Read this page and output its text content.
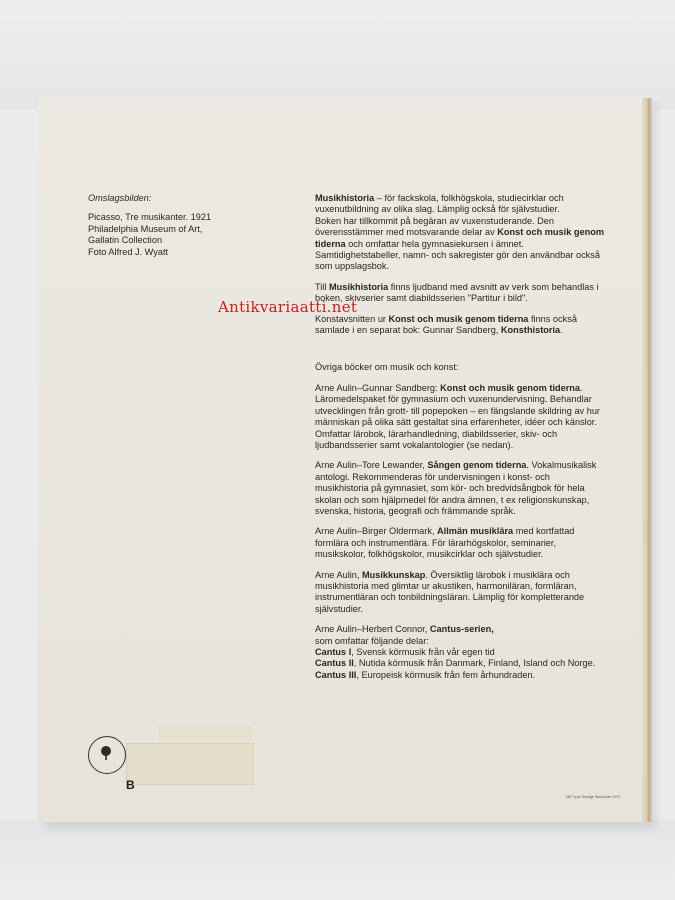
Omslagsbilden:
Picasso, Tre musikanter. 1921
Philadelphia Museum of Art,
Gallatin Collection
Foto Alfred J. Wyatt

Musikhistoria – för fackskola, folkhögskola, studiecirklar och vuxenutbildning av olika slag. Lämplig också för självstudier.
Boken har tillkommit på begäran av vuxenstuderande. Den överensstämmer med motsvarande delar av Konst och musik genom tiderna och omfattar hela gymnasiekursen i ämnet. Samtidighetstabeller, namn- och sakregister gör den användbar också som uppslagsbok.

Till Musikhistoria finns ljudband med avsnitt av verk som behandlas i boken, skivserier samt diabildsserien "Partitur i bild".

Konstavsnitten ur Konst och musik genom tiderna finns också samlade i en separat bok: Gunnar Sandberg, Konsthistoria.

Övriga böcker om musik och konst:

Arne Aulin–Gunnar Sandberg: Konst och musik genom tiderna. Läromedelspaket för gymnasium och vuxenundervisning. Behandlar utvecklingen från grott- till popepoken – en fängslande skildring av hur människan på olika sätt gestaltat sina erfarenheter, idéer och känslor. Omfattar lärobok, lärarhandledning, diabildsserier, skiv- och ljudbandsserier samt vokalantologier (se nedan).

Arne Aulin–Tore Lewander, Sången genom tiderna. Vokalmusikalisk antologi. Rekommenderas för undervisningen i konst- och musikhistoria på gymnasiet, som kör- och bredvidsångbok för hela skolan och som hjälpmedel för andra ämnen, t ex religionskunskap, svenska, historia, geografi och främmande språk.

Arne Aulin–Birger Oldermark, Allmän musiklära med kortfattad formlära och instrumentlära. För lärarhögskolor, seminarier, musikskolor, folkhögskolor, musikcirklar och självstudier.

Arne Aulin, Musikkunskap. Översiktlig lärobok i musiklära och musikhistoria med glimtar ur akustiken, harmoniläran, formläran, instrumentläran och tonbildningsläran. Lämplig för kompletterande självstudier.

Arne Aulin–Herbert Connor, Cantus-serien,
som omfattar följande delar:
Cantus I, Svensk körmusik från vår egen tid
Cantus II, Nutida körmusik från Danmark, Finland, Island och Norge.
Cantus III, Europeisk körmusik från fem århundraden.

B
NB Tryck Sverige Stockholm 1971
Antikvariaatti.net
